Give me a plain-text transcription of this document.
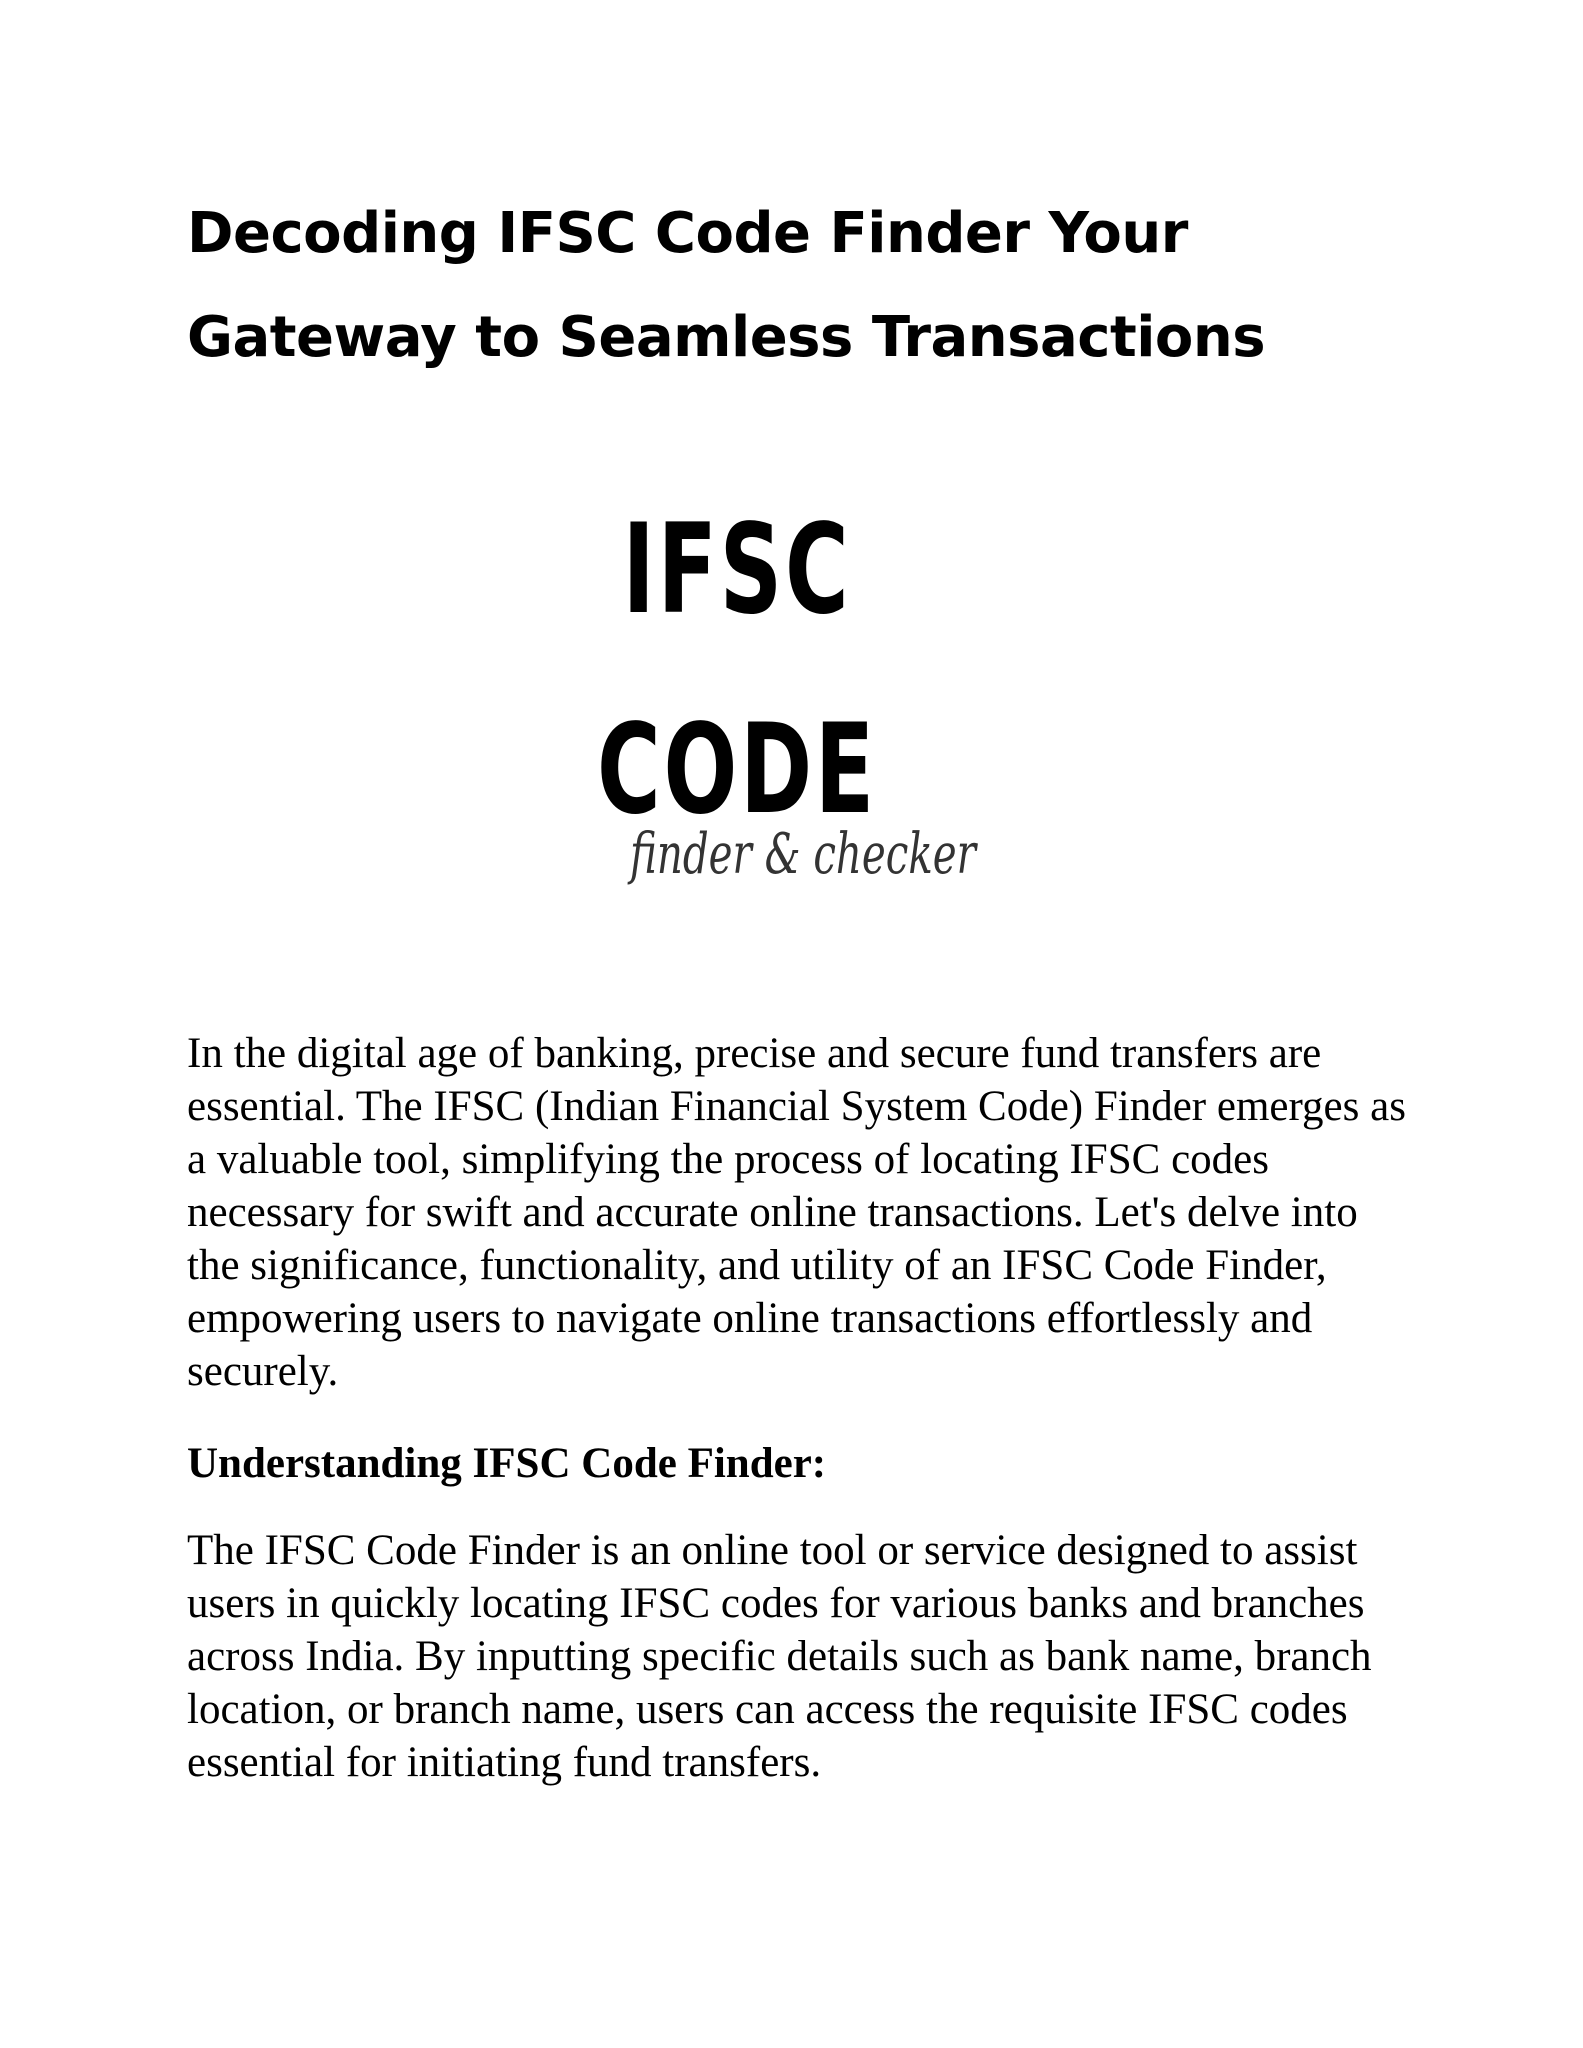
Decoding IFSC Code Finder Your Gateway to Seamless Transactions
IFSC CODE
finder & checker

In the digital age of banking, precise and secure fund transfers are essential. The IFSC (Indian Financial System Code) Finder emerges as a valuable tool, simplifying the process of locating IFSC codes necessary for swift and accurate online transactions. Let's delve into the significance, functionality, and utility of an IFSC Code Finder, empowering users to navigate online transactions effortlessly and securely.

Understanding IFSC Code Finder:

The IFSC Code Finder is an online tool or service designed to assist users in quickly locating IFSC codes for various banks and branches across India. By inputting specific details such as bank name, branch location, or branch name, users can access the requisite IFSC codes essential for initiating fund transfers.
